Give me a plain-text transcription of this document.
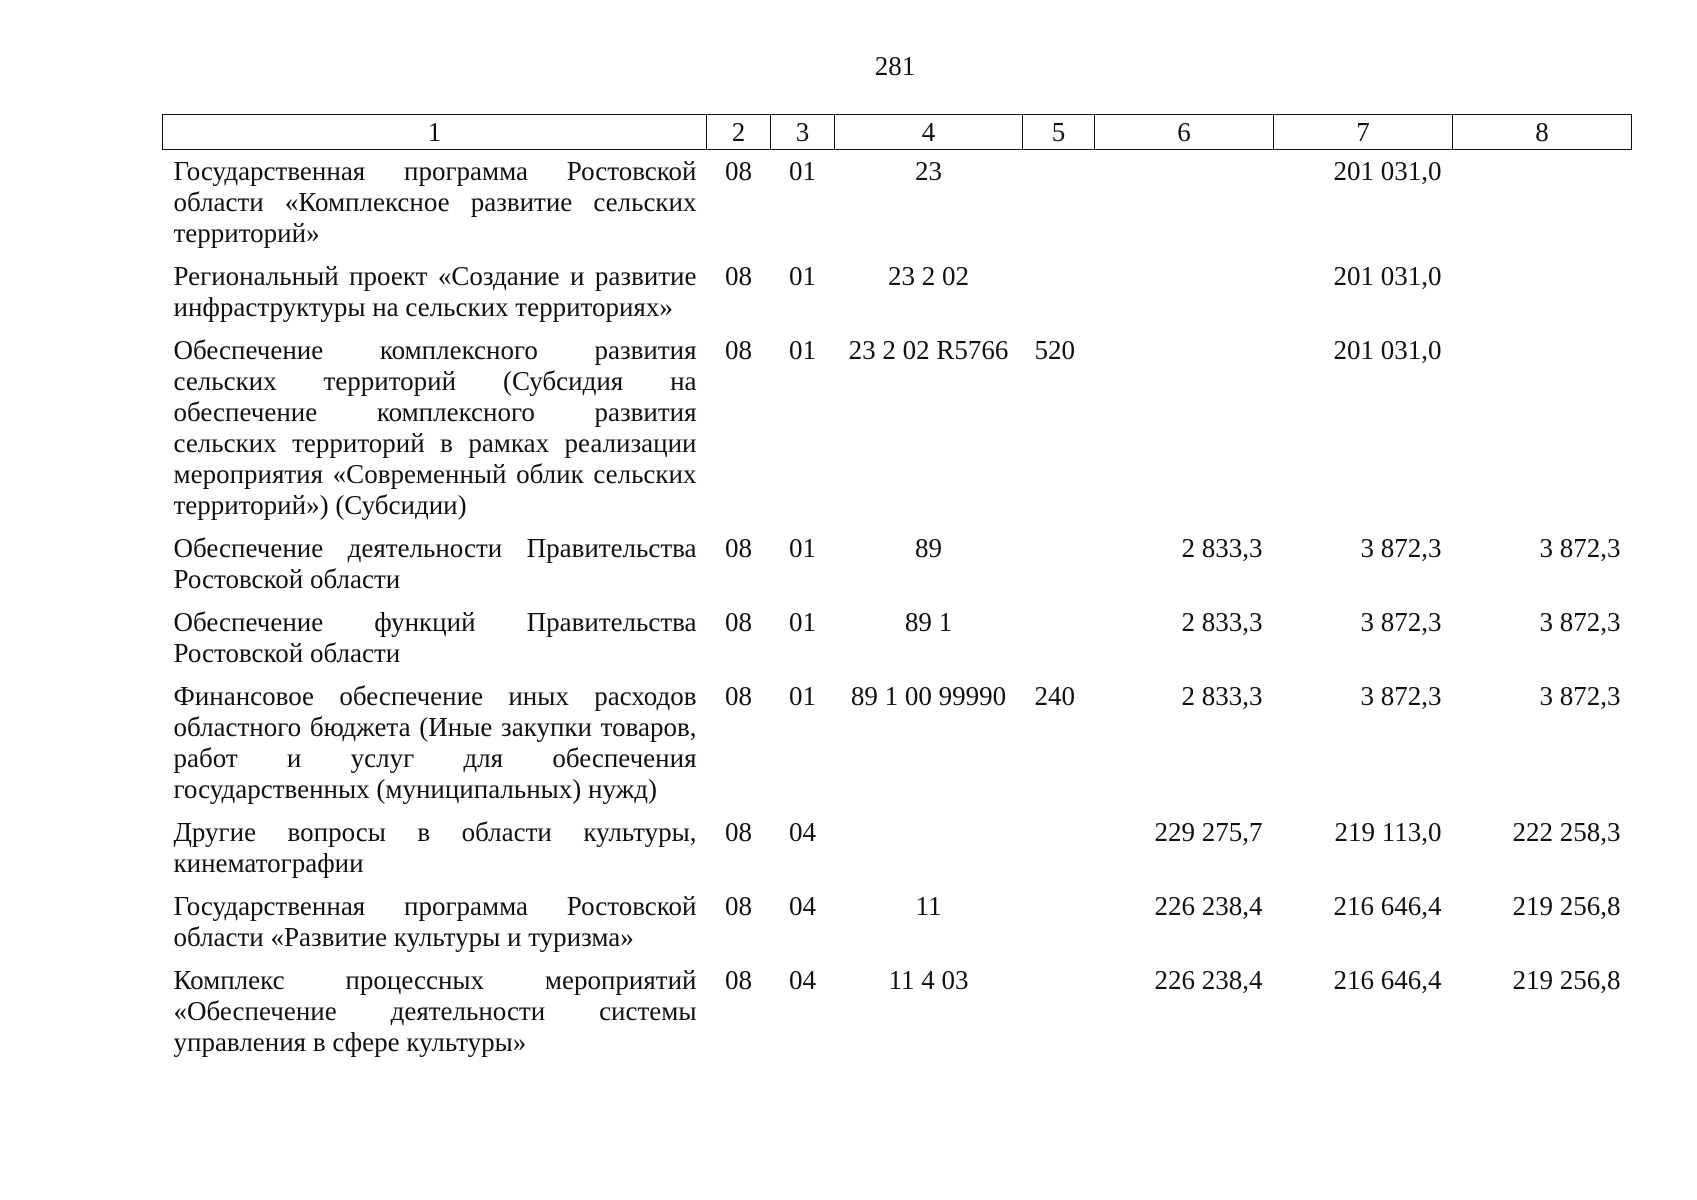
281
1	2	3	4	5	6	7	8
Государственная программа Ростовской области «Комплексное развитие сельских территорий»	08	01	23			201 031,0	
Региональный проект «Создание и развитие инфраструктуры на сельских территориях»	08	01	23 2 02			201 031,0	
Обеспечение комплексного развития сельских территорий (Субсидия на обеспечение комплексного развития сельских территорий в рамках реализации мероприятия «Современный облик сельских территорий») (Субсидии)	08	01	23 2 02 R5766	520		201 031,0	
Обеспечение деятельности Правительства Ростовской области	08	01	89		2 833,3	3 872,3	3 872,3
Обеспечение функций Правительства Ростовской области	08	01	89 1		2 833,3	3 872,3	3 872,3
Финансовое обеспечение иных расходов областного бюджета (Иные закупки товаров, работ и услуг для обеспечения государственных (муниципальных) нужд)	08	01	89 1 00 99990	240	2 833,3	3 872,3	3 872,3
Другие вопросы в области культуры, кинематографии	08	04			229 275,7	219 113,0	222 258,3
Государственная программа Ростовской области «Развитие культуры и туризма»	08	04	11		226 238,4	216 646,4	219 256,8
Комплекс процессных мероприятий «Обеспечение деятельности системы управления в сфере культуры»	08	04	11 4 03		226 238,4	216 646,4	219 256,8
